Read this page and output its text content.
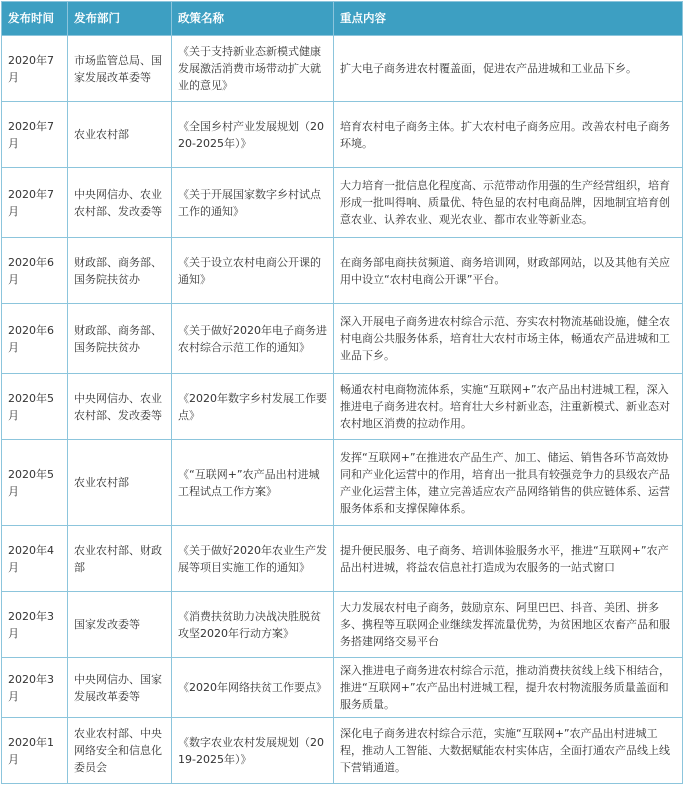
发布时间	发布部门	政策名称	重点内容
2020年7月	市场监管总局、国家发展改革委等	《关于支持新业态新模式健康发展激活消费市场带动扩大就业的意见》	扩大电子商务进农村覆盖面，促进农产品进城和工业品下乡。
2020年7月	农业农村部	《全国乡村产业发展规划（2020-2025年）》	培育农村电子商务主体。扩大农村电子商务应用。改善农村电子商务环境。
2020年7月	中央网信办、农业农村部、发改委等	《关于开展国家数字乡村试点工作的通知》	大力培育一批信息化程度高、示范带动作用强的生产经营组织，培育形成一批叫得响、质量优、特色显的农村电商品牌，因地制宜培育创意农业、认养农业、观光农业、都市农业等新业态。
2020年6月	财政部、商务部、国务院扶贫办	《关于设立农村电商公开课的通知》	在商务部电商扶贫频道、商务培训网，财政部网站，以及其他有关应用中设立“农村电商公开课”平台。
2020年6月	财政部、商务部、国务院扶贫办	《关于做好2020年电子商务进农村综合示范工作的通知》	深入开展电子商务进农村综合示范、夯实农村物流基础设施，健全农村电商公共服务体系，培育壮大农村市场主体，畅通农产品进城和工业品下乡。
2020年5月	中央网信办、农业农村部、发改委等	《2020年数字乡村发展工作要点》	畅通农村电商物流体系，实施“互联网+”农产品出村进城工程，深入推进电子商务进农村。培育壮大乡村新业态，注重新模式、新业态对农村地区消费的拉动作用。
2020年5月	农业农村部	《“互联网+”农产品出村进城工程试点工作方案》	发挥“互联网+”在推进农产品生产、加工、储运、销售各环节高效协同和产业化运营中的作用，培育出一批具有较强竞争力的县级农产品产业化运营主体，建立完善适应农产品网络销售的供应链体系、运营服务体系和支撑保障体系。
2020年4月	农业农村部、财政部	《关于做好2020年农业生产发展等项目实施工作的通知》	提升便民服务、电子商务、培训体验服务水平，推进“互联网+”农产品出村进城，将益农信息社打造成为农服务的一站式窗口
2020年3月	国家发改委等	《消费扶贫助力决战决胜脱贫攻坚2020年行动方案》	大力发展农村电子商务，鼓励京东、阿里巴巴、抖音、美团、拼多多、携程等互联网企业继续发挥流量优势，为贫困地区农畜产品和服务搭建网络交易平台
2020年3月	中央网信办、国家发展改革委等	《2020年网络扶贫工作要点》	深入推进电子商务进农村综合示范，推动消费扶贫线上线下相结合，推进“互联网+”农产品出村进城工程，提升农村物流服务质量盖面和服务质量。
2020年1月	农业农村部、中央网络安全和信息化委员会	《数字农业农村发展规划（2019-2025年）》	深化电子商务进农村综合示范，实施“互联网+”农产品出村进城工程，推动人工智能、大数据赋能农村实体店，全面打通农产品线上线下营销通道。
